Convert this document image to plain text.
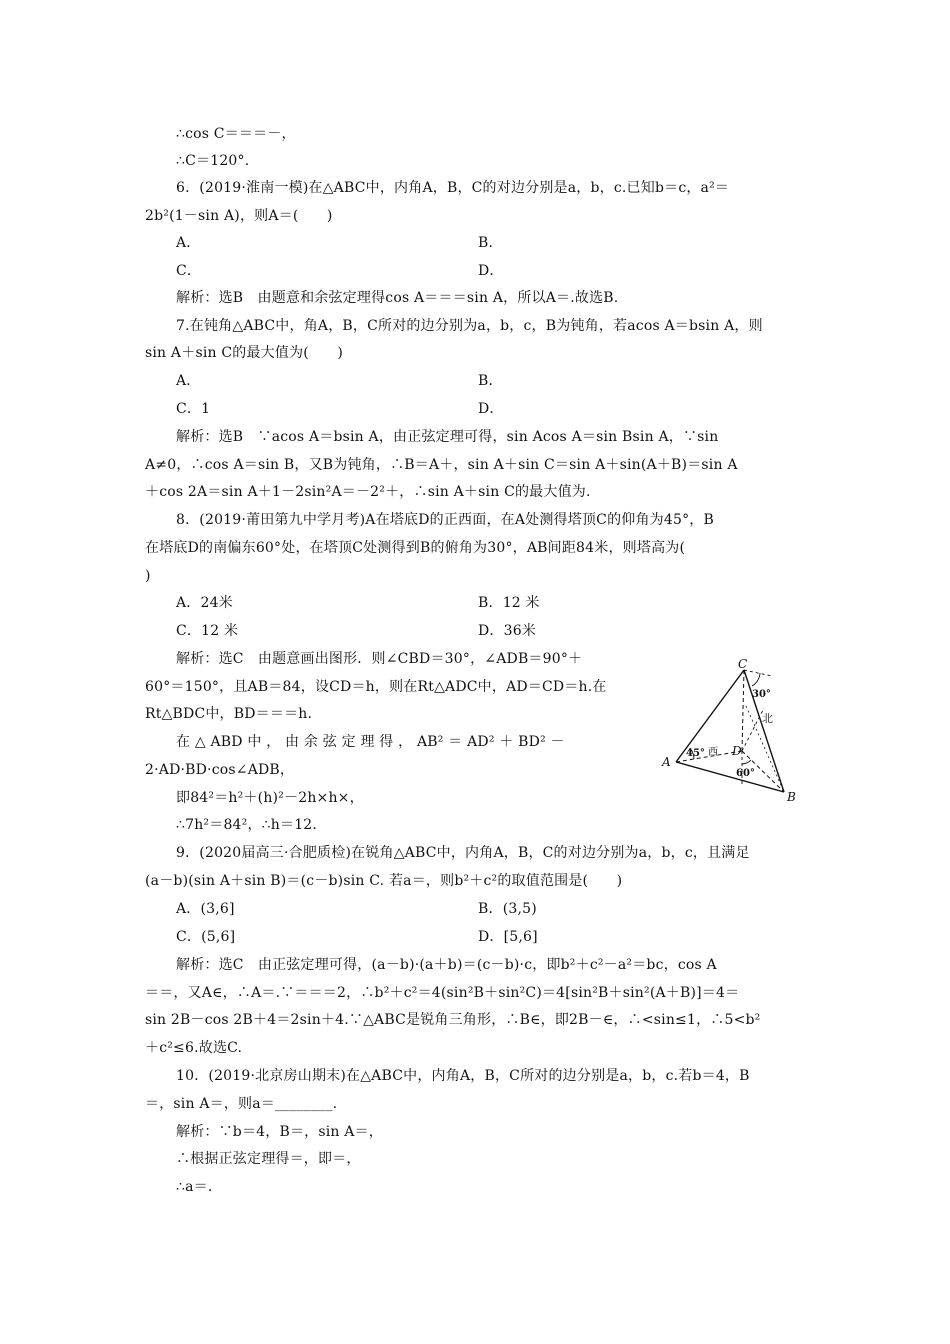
∴cos C＝＝＝－，
∴C＝120°.
6．(2019·淮南一模)在△ABC中，内角A，B，C的对边分别是a，b，c.已知b＝c，a²＝
2b²(1－sin A)，则A＝(　　)
A．	B．
C．	D．
解析：选B　由题意和余弦定理得cos A＝＝＝sin A，所以A＝.故选B.
7.在钝角△ABC中，角A，B，C所对的边分别为a，b，c，B为钝角，若acos A＝bsin A，则
sin A＋sin C的最大值为(　　)
A．	B．
C．1	D．
解析：选B　∵acos A＝bsin A，由正弦定理可得，sin Acos A＝sin Bsin A，∵sin
A≠0，∴cos A＝sin B，又B为钝角，∴B＝A＋，sin A＋sin C＝sin A＋sin(A＋B)＝sin A
＋cos 2A＝sin A＋1－2sin²A＝－2²＋，∴sin A＋sin C的最大值为.
8．(2019·莆田第九中学月考)A在塔底D的正西面，在A处测得塔顶C的仰角为45°，B
在塔底D的南偏东60°处，在塔顶C处测得到B的俯角为30°，AB间距84米，则塔高为(
)
A．24米	B．12 米
C．12 米	D．36米
解析：选C　由题意画出图形．则∠CBD＝30°，∠ADB＝90°＋
60°＝150°，且AB＝84，设CD＝h，则在Rt△ADC中，AD＝CD＝h.在
Rt△BDC中，BD＝＝＝h.
在 △ ABD 中 ， 由 余 弦 定 理 得 ， AB² ＝ AD² ＋ BD² －
2·AD·BD·cos∠ADB，
即84²＝h²＋(h)²－2h×h×，
∴7h²＝84²，∴h＝12.
9．(2020届高三·合肥质检)在锐角△ABC中，内角A，B，C的对边分别为a，b，c，且满足
(a－b)(sin A＋sin B)＝(c－b)sin C. 若a＝，则b²＋c²的取值范围是(　　)
A．(3,6]	B．(3,5)
C．(5,6]	D．[5,6]
解析：选C　由正弦定理可得，(a－b)·(a＋b)＝(c－b)·c，即b²＋c²－a²＝bc，cos A
＝＝，又A∈，∴A＝.∵＝＝＝2，∴b²＋c²＝4(sin²B＋sin²C)＝4[sin²B＋sin²(A＋B)]＝4＝
sin 2B－cos 2B＋4＝2sin＋4.∵△ABC是锐角三角形，∴B∈，即2B－∈，∴<sin≤1，∴5<b²
＋c²≤6.故选C.
10．(2019·北京房山期末)在△ABC中，内角A，B，C所对的边分别是a，b，c.若b＝4，B
＝，sin A＝，则a＝________.
解析：∵b＝4，B＝，sin A＝，
∴根据正弦定理得＝，即＝，
∴a＝.
C
A
B
D
北
西
30°
45°
60°
